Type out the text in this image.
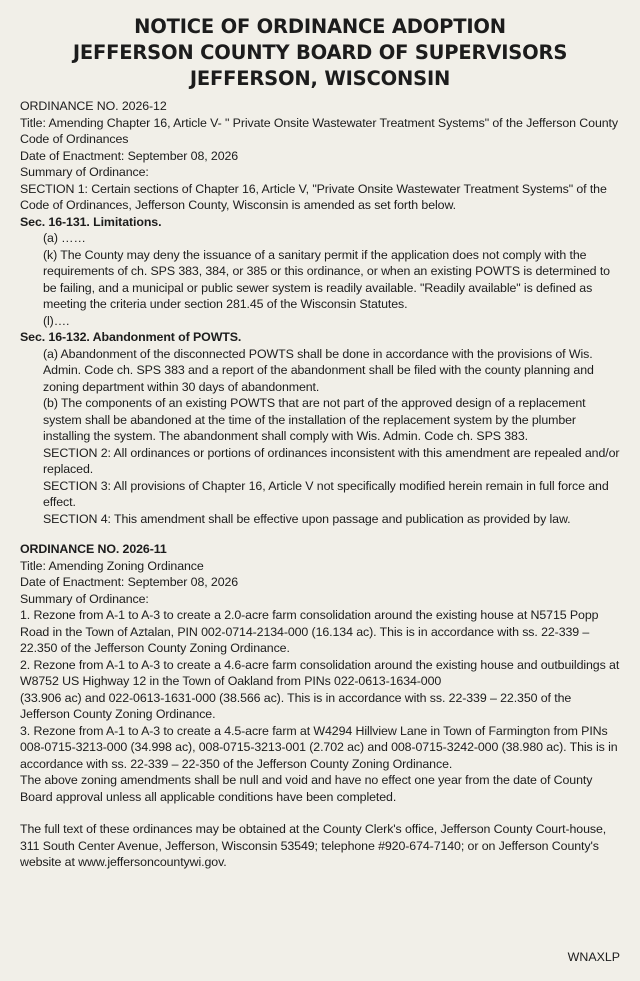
NOTICE OF ORDINANCE ADOPTION
JEFFERSON COUNTY BOARD OF SUPERVISORS
JEFFERSON, WISCONSIN

ORDINANCE NO. 2026-12

Title: Amending Chapter 16, Article V- " Private Onsite Wastewater Treatment Systems" of the Jefferson County Code of Ordinances

Date of Enactment: September 08, 2026

Summary of Ordinance:

SECTION 1: Certain sections of Chapter 16, Article V, "Private Onsite Wastewater Treatment Systems" of the Code of Ordinances, Jefferson County, Wisconsin is amended as set forth below.

Sec. 16-131. Limitations.

(a) ……

(k) The County may deny the issuance of a sanitary permit if the application does not comply with the requirements of ch. SPS 383, 384, or 385 or this ordinance, or when an existing POWTS is determined to be failing, and a municipal or public sewer system is readily available. "Readily available" is defined as meeting the criteria under section 281.45 of the Wisconsin Statutes.

(l)….

Sec. 16-132. Abandonment of POWTS.

(a) Abandonment of the disconnected POWTS shall be done in accordance with the provisions of Wis. Admin. Code ch. SPS 383 and a report of the abandonment shall be filed with the county planning and zoning department within 30 days of abandonment.

(b) The components of an existing POWTS that are not part of the approved design of a replacement system shall be abandoned at the time of the installation of the replacement system by the plumber installing the system. The abandonment shall comply with Wis. Admin. Code ch. SPS 383.

SECTION 2: All ordinances or portions of ordinances inconsistent with this amendment are repealed and/or replaced.

SECTION 3: All provisions of Chapter 16, Article V not specifically modified herein remain in full force and effect.

SECTION 4: This amendment shall be effective upon passage and publication as provided by law.

ORDINANCE NO. 2026-11

Title: Amending Zoning Ordinance

Date of Enactment: September 08, 2026

Summary of Ordinance:

1. Rezone from A-1 to A-3 to create a 2.0-acre farm consolidation around the existing house at N5715 Popp Road in the Town of Aztalan, PIN 002-0714-2134-000 (16.134 ac). This is in accordance with ss. 22-339 – 22.350 of the Jefferson County Zoning Ordinance.

2. Rezone from A-1 to A-3 to create a 4.6-acre farm consolidation around the existing house and outbuildings at W8752 US Highway 12 in the Town of Oakland from PINs 022-0613-1634-000

(33.906 ac) and 022-0613-1631-000 (38.566 ac). This is in accordance with ss. 22-339 – 22.350 of the Jefferson County Zoning Ordinance.

3. Rezone from A-1 to A-3 to create a 4.5-acre farm at W4294 Hillview Lane in Town of Farmington from PINs 008-0715-3213-000 (34.998 ac), 008-0715-3213-001 (2.702 ac) and 008-0715-3242-000 (38.980 ac). This is in accordance with ss. 22-339 – 22-350 of the Jefferson County Zoning Ordinance.

The above zoning amendments shall be null and void and have no effect one year from the date of County Board approval unless all applicable conditions have been completed.

The full text of these ordinances may be obtained at the County Clerk's office, Jefferson County Court-house, 311 South Center Avenue, Jefferson, Wisconsin 53549; telephone #920-674-7140; or on Jefferson County's website at www.jeffersoncountywi.gov.

WNAXLP
